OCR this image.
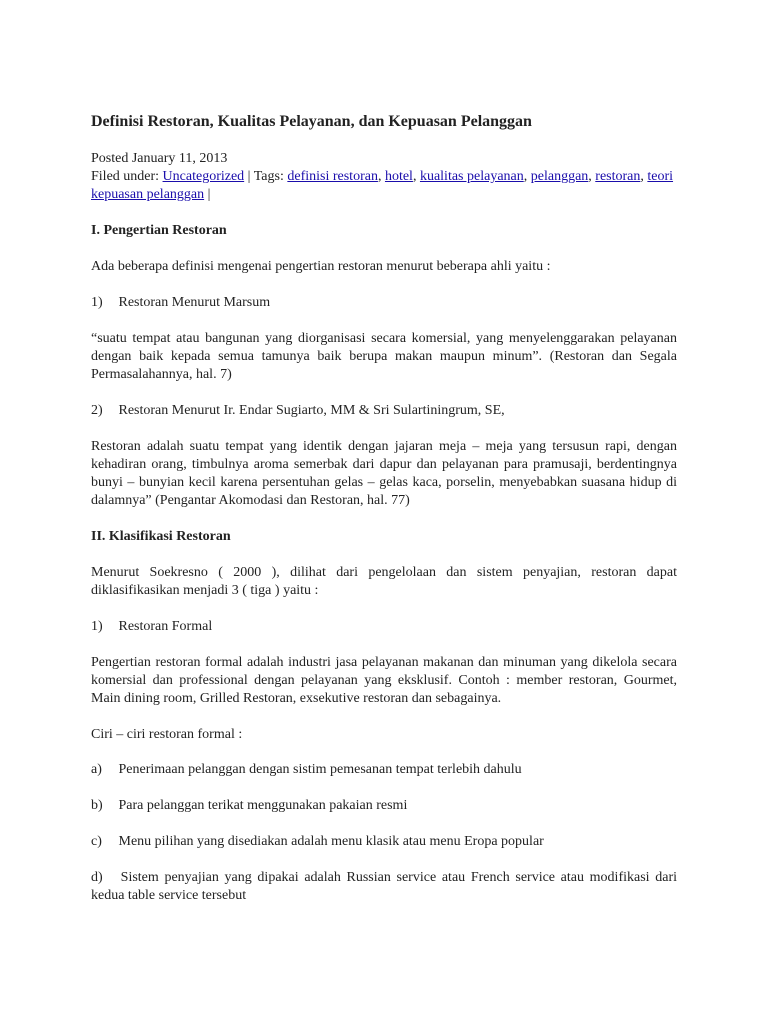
Definisi Restoran, Kualitas Pelayanan, dan Kepuasan Pelanggan
Posted January 11, 2013
Filed under: Uncategorized | Tags: definisi restoran, hotel, kualitas pelayanan, pelanggan, restoran, teori kepuasan pelanggan |
I. Pengertian Restoran
Ada beberapa definisi mengenai pengertian restoran menurut beberapa ahli yaitu :
1) Restoran Menurut Marsum
“suatu tempat atau bangunan yang diorganisasi secara komersial, yang menyelenggarakan pelayanan dengan baik kepada semua tamunya baik berupa makan maupun minum”. (Restoran dan Segala Permasalahannya, hal. 7)
2) Restoran Menurut Ir. Endar Sugiarto, MM & Sri Sulartiningrum, SE,
Restoran adalah suatu tempat yang identik dengan jajaran meja – meja yang tersusun rapi, dengan kehadiran orang, timbulnya aroma semerbak dari dapur dan pelayanan para pramusaji, berdentingnya bunyi – bunyian kecil karena persentuhan gelas – gelas kaca, porselin, menyebabkan suasana hidup di dalamnya” (Pengantar Akomodasi dan Restoran, hal. 77)
II. Klasifikasi Restoran
Menurut Soekresno ( 2000 ), dilihat dari pengelolaan dan sistem penyajian, restoran dapat diklasifikasikan menjadi 3 ( tiga ) yaitu :
1) Restoran Formal
Pengertian restoran formal adalah industri jasa pelayanan makanan dan minuman yang dikelola secara komersial dan professional dengan pelayanan yang eksklusif. Contoh : member restoran, Gourmet, Main dining room, Grilled Restoran, exsekutive restoran dan sebagainya.
Ciri – ciri restoran formal :
a) Penerimaan pelanggan dengan sistim pemesanan tempat terlebih dahulu
b) Para pelanggan terikat menggunakan pakaian resmi
c) Menu pilihan yang disediakan adalah menu klasik atau menu Eropa popular
d) Sistem penyajian yang dipakai adalah Russian service atau French service atau modifikasi dari kedua table service tersebut
